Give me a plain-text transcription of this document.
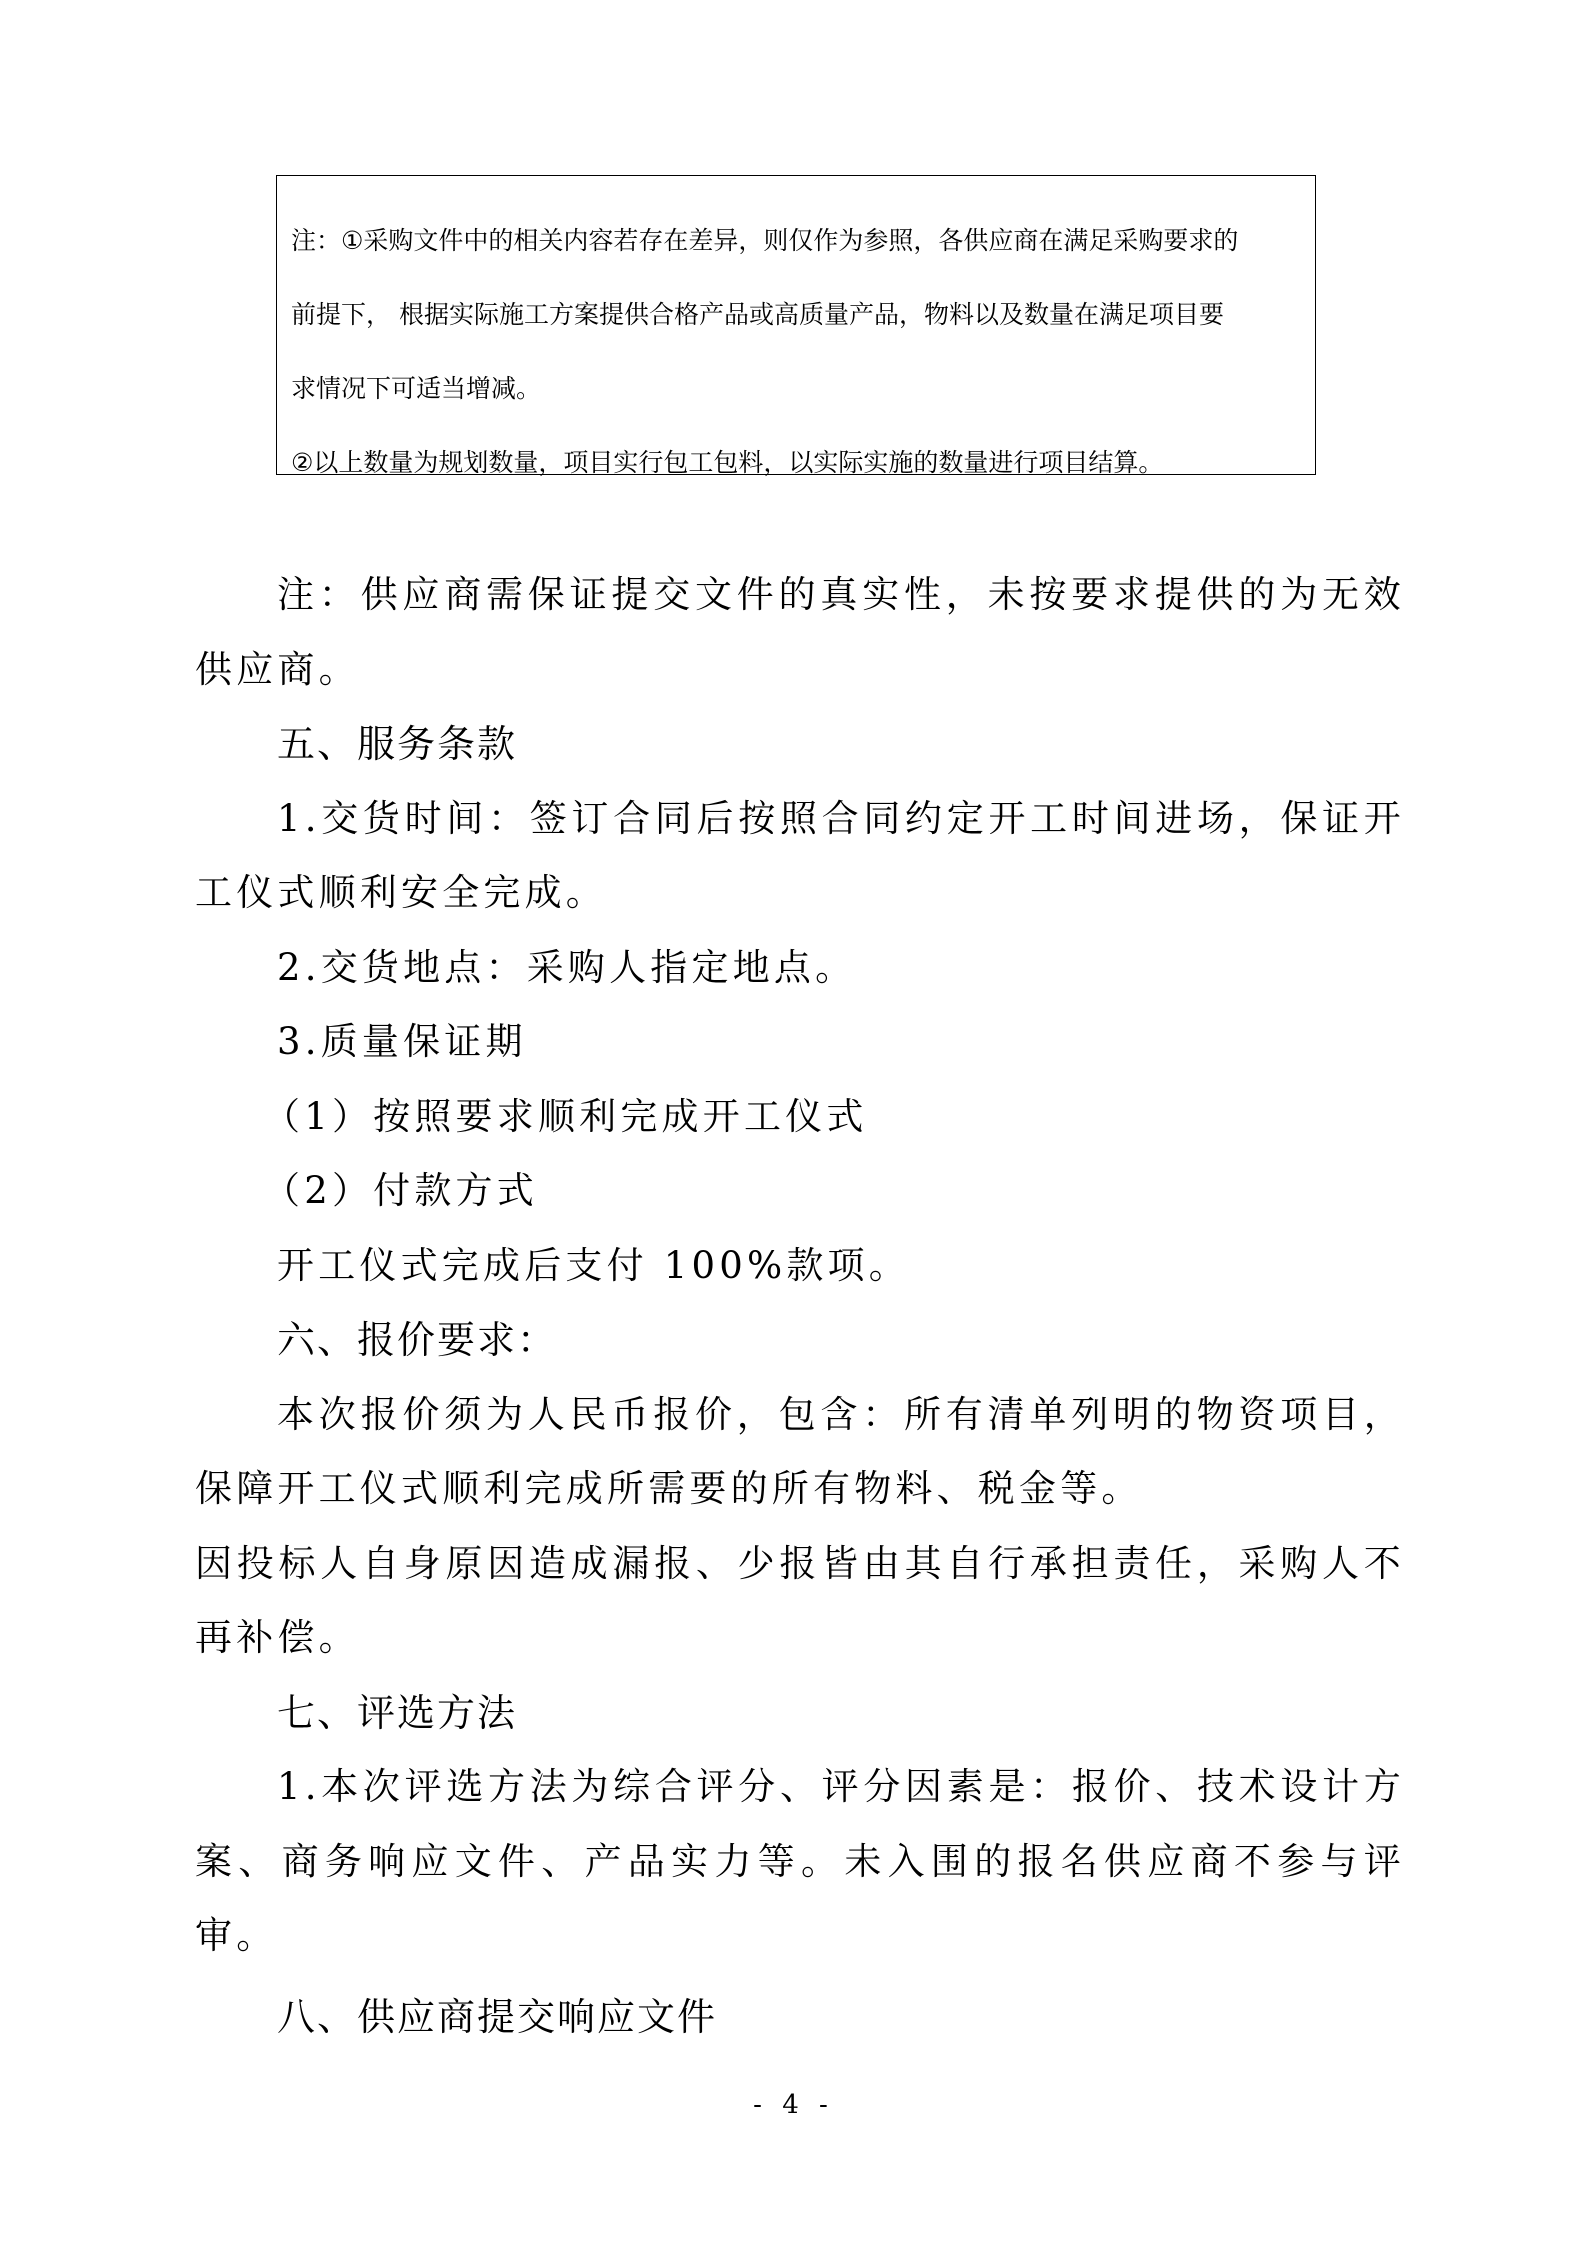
注：①采购文件中的相关内容若存在差异，则仅作为参照，各供应商在满足采购要求的
前提下， 根据实际施工方案提供合格产品或高质量产品，物料以及数量在满足项目要
求情况下可适当增减。
②以上数量为规划数量，项目实行包工包料，以实际实施的数量进行项目结算。

注：供应商需保证提交文件的真实性，未按要求提供的为无效供应商。

五、服务条款

1.交货时间：签订合同后按照合同约定开工时间进场，保证开工仪式顺利安全完成。

2.交货地点：采购人指定地点。

3.质量保证期

（1）按照要求顺利完成开工仪式

（2）付款方式

开工仪式完成后支付 100%款项。

六、报价要求：

本次报价须为人民币报价，包含：所有清单列明的物资项目，保障开工仪式顺利完成所需要的所有物料、税金等。

因投标人自身原因造成漏报、少报皆由其自行承担责任，采购人不再补偿。

七、评选方法

1.本次评选方法为综合评分、评分因素是：报价、技术设计方案、商务响应文件、产品实力等。未入围的报名供应商不参与评审。

八、供应商提交响应文件

- 4 -
